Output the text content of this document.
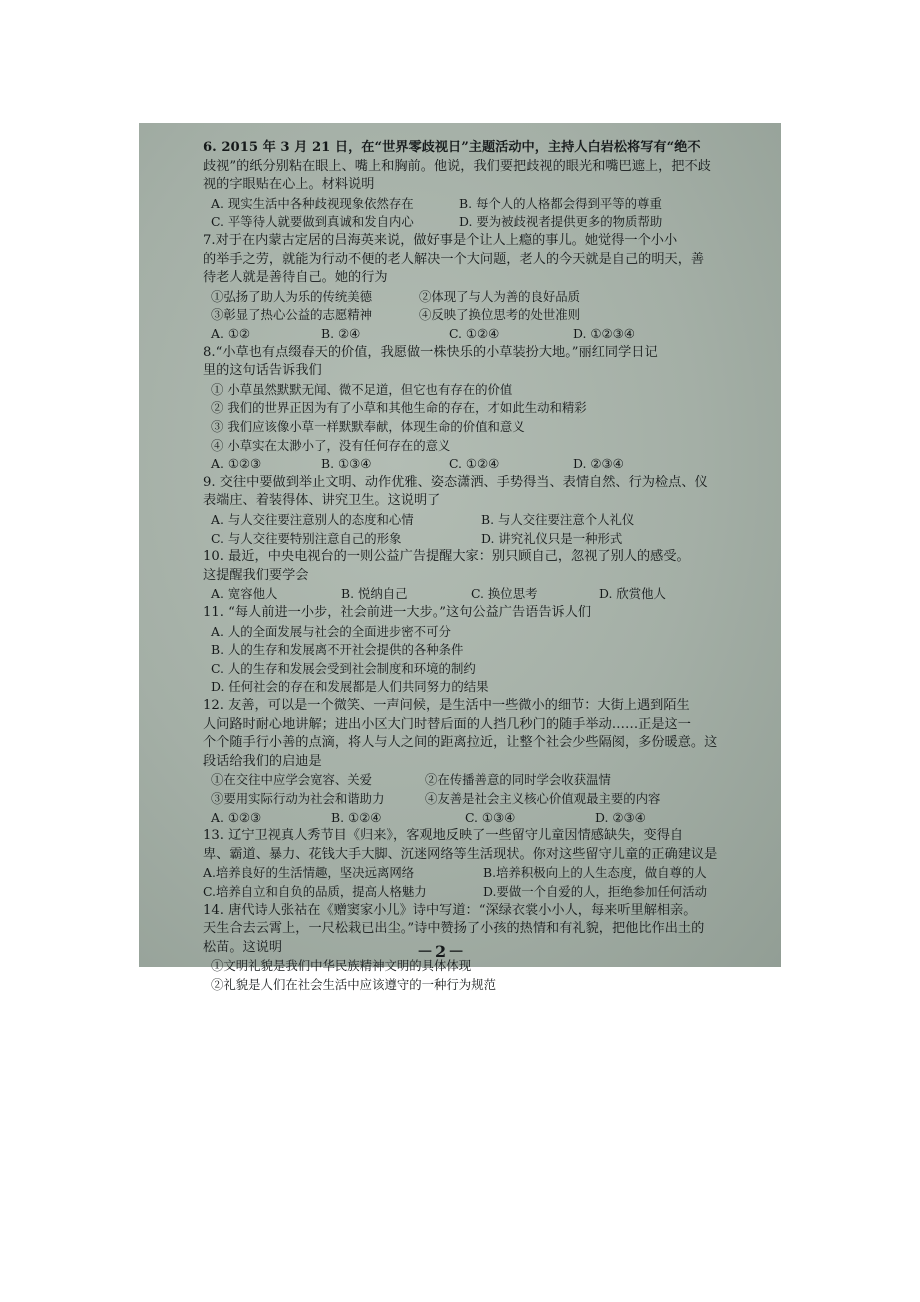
6. 2015 年 3 月 21 日，在“世界零歧视日”主题活动中，主持人白岩松将写有“绝不
歧视”的纸分别粘在眼上、嘴上和胸前。他说，我们要把歧视的眼光和嘴巴遮上，把不歧
视的字眼贴在心上。材料说明
A. 现实生活中各种歧视现象依然存在	B. 每个人的人格都会得到平等的尊重
C. 平等待人就要做到真诚和发自内心	D. 要为被歧视者提供更多的物质帮助
7.对于在内蒙古定居的吕海英来说，做好事是个让人上瘾的事儿。她觉得一个小小
的举手之劳，就能为行动不便的老人解决一个大问题，老人的今天就是自己的明天，善
待老人就是善待自己。她的行为
①弘扬了助人为乐的传统美德	②体现了与人为善的良好品质
③彰显了热心公益的志愿精神	④反映了换位思考的处世准则
A. ①②	B. ②④	C. ①②④	D. ①②③④
8.“小草也有点缀春天的价值，我愿做一株快乐的小草装扮大地。”丽红同学日记
里的这句话告诉我们
① 小草虽然默默无闻、微不足道，但它也有存在的价值
② 我们的世界正因为有了小草和其他生命的存在，才如此生动和精彩
③ 我们应该像小草一样默默奉献，体现生命的价值和意义
④ 小草实在太渺小了，没有任何存在的意义
A. ①②③	B. ①③④	C. ①②④	D. ②③④
9. 交往中要做到举止文明、动作优雅、姿态潇洒、手势得当、表情自然、行为检点、仪
表端庄、着装得体、讲究卫生。这说明了
A. 与人交往要注意别人的态度和心情	B. 与人交往要注意个人礼仪
C. 与人交往要特别注意自己的形象	D. 讲究礼仪只是一种形式
10. 最近，中央电视台的一则公益广告提醒大家：别只顾自己，忽视了别人的感受。
这提醒我们要学会
A. 宽容他人	B. 悦纳自己	C. 换位思考	D. 欣赏他人
11. “每人前进一小步，社会前进一大步。”这句公益广告语告诉人们
A. 人的全面发展与社会的全面进步密不可分
B. 人的生存和发展离不开社会提供的各种条件
C. 人的生存和发展会受到社会制度和环境的制约
D. 任何社会的存在和发展都是人们共同努力的结果
12. 友善，可以是一个微笑、一声问候，是生活中一些微小的细节：大街上遇到陌生
人问路时耐心地讲解；进出小区大门时替后面的人挡几秒门的随手举动……正是这一
个个随手行小善的点滴，将人与人之间的距离拉近，让整个社会少些隔阂，多份暖意。这
段话给我们的启迪是
①在交往中应学会宽容、关爱	②在传播善意的同时学会收获温情
③要用实际行动为社会和谐助力	④友善是社会主义核心价值观最主要的内容
A. ①②③	B. ①②④	C. ①③④	D. ②③④
13. 辽宁卫视真人秀节目《归来》，客观地反映了一些留守儿童因情感缺失，变得自
卑、霸道、暴力、花钱大手大脚、沉迷网络等生活现状。你对这些留守儿童的正确建议是
A.培养良好的生活情趣，坚决远离网络	B.培养积极向上的人生态度，做自尊的人
C.培养自立和自负的品质，提高人格魅力	D.要做一个自爱的人，拒绝参加任何活动
14. 唐代诗人张祜在《赠窦家小儿》诗中写道：“深绿衣裳小小人，每来听里解相亲。
天生合去云霄上，一尺松栽已出尘。”诗中赞扬了小孩的热情和有礼貌，把他比作出土的
松苗。这说明
①文明礼貌是我们中华民族精神文明的具体体现
②礼貌是人们在社会生活中应该遵守的一种行为规范
－2－
